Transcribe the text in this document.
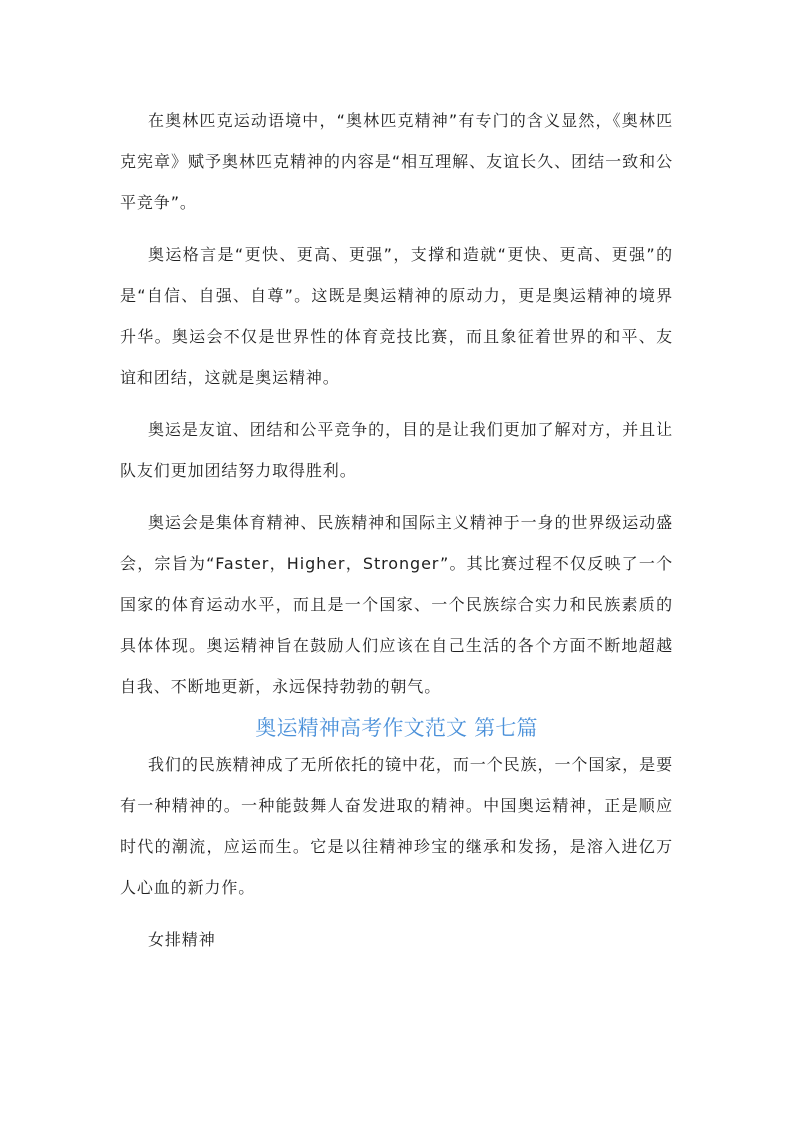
在奥林匹克运动语境中，“奥林匹克精神”有专门的含义显然，《奥林匹克宪章》赋予奥林匹克精神的内容是“相互理解、友谊长久、团结一致和公平竞争”。

奥运格言是“更快、更高、更强”，支撑和造就“更快、更高、更强”的是“自信、自强、自尊”。这既是奥运精神的原动力，更是奥运精神的境界升华。奥运会不仅是世界性的体育竞技比赛，而且象征着世界的和平、友谊和团结，这就是奥运精神。

奥运是友谊、团结和公平竞争的，目的是让我们更加了解对方，并且让队友们更加团结努力取得胜利。

奥运会是集体育精神、民族精神和国际主义精神于一身的世界级运动盛会，宗旨为“Faster，Higher，Stronger”。其比赛过程不仅反映了一个国家的体育运动水平，而且是一个国家、一个民族综合实力和民族素质的具体体现。奥运精神旨在鼓励人们应该在自己生活的各个方面不断地超越自我、不断地更新，永远保持勃勃的朝气。

奥运精神高考作文范文 第七篇

我们的民族精神成了无所依托的镜中花，而一个民族，一个国家，是要有一种精神的。一种能鼓舞人奋发进取的精神。中国奥运精神，正是顺应时代的潮流，应运而生。它是以往精神珍宝的继承和发扬，是溶入进亿万人心血的新力作。

女排精神
